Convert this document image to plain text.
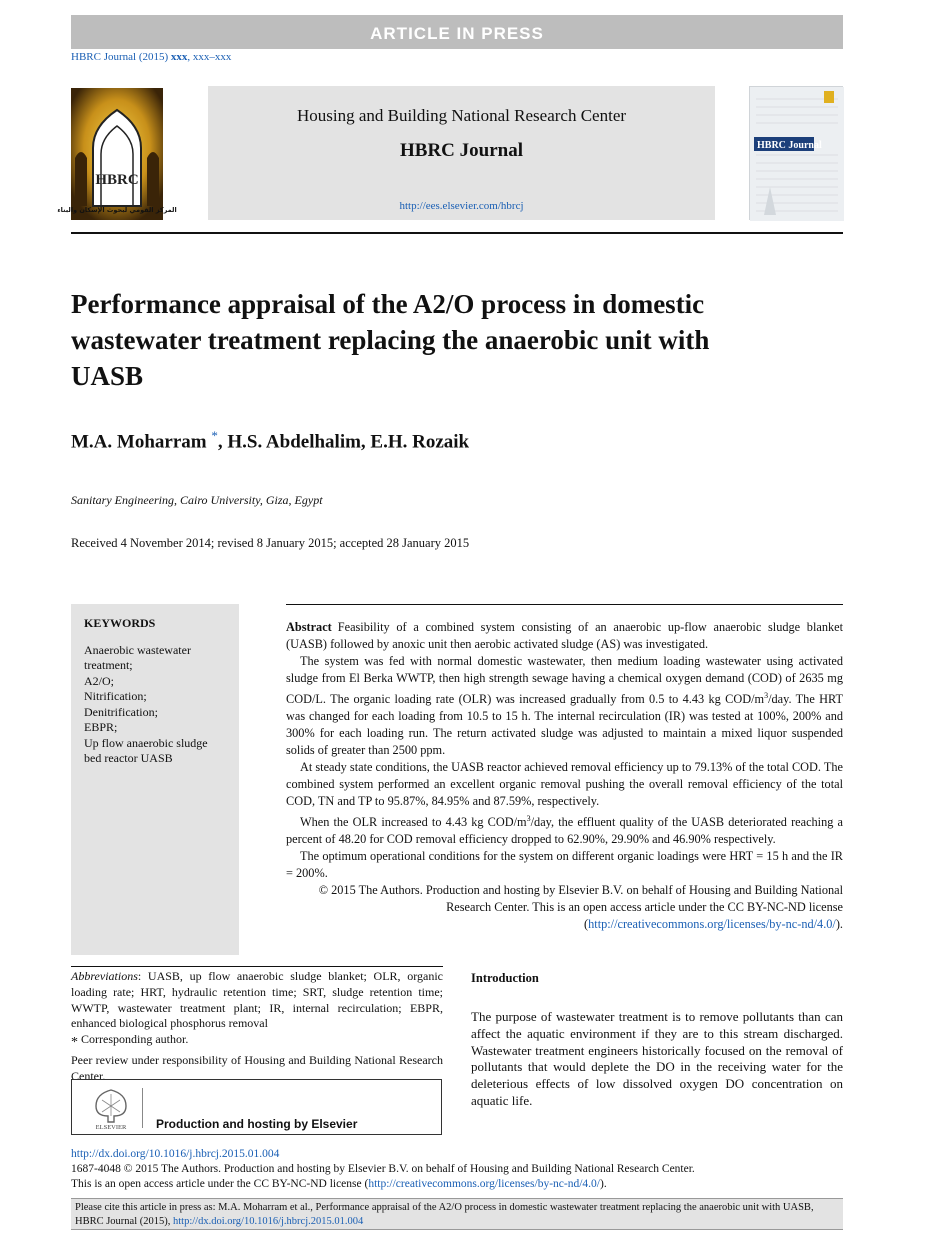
ARTICLE IN PRESS
HBRC Journal (2015) xxx, xxx–xxx
HBRC
المركز القومي لبحوث الإسكان والبناء
Housing and Building National Research Center
HBRC Journal
http://ees.elsevier.com/hbrcj
HBRC Journal
Performance appraisal of the A2/O process in domestic wastewater treatment replacing the anaerobic unit with UASB
M.A. Moharram *, H.S. Abdelhalim, E.H. Rozaik
Sanitary Engineering, Cairo University, Giza, Egypt
Received 4 November 2014; revised 8 January 2015; accepted 28 January 2015
KEYWORDS
Anaerobic wastewater treatment;
A2/O;
Nitrification;
Denitrification;
EBPR;
Up flow anaerobic sludge bed reactor UASB

Abstract Feasibility of a combined system consisting of an anaerobic up-flow anaerobic sludge blanket (UASB) followed by anoxic unit then aerobic activated sludge (AS) was investigated.

The system was fed with normal domestic wastewater, then medium loading wastewater using activated sludge from El Berka WWTP, then high strength sewage having a chemical oxygen demand (COD) of 2635 mg COD/L. The organic loading rate (OLR) was increased gradually from 0.5 to 4.43 kg COD/$m^3$/day. The HRT was changed for each loading from 10.5 to 15 h. The internal recirculation (IR) was tested at 100%, 200% and 300% for each loading run. The return activated sludge was adjusted to maintain a mixed liquor suspended solids of greater than 2500 ppm.

At steady state conditions, the UASB reactor achieved removal efficiency up to 79.13% of the total COD. The combined system performed an excellent organic removal pushing the overall removal efficiency of the total COD, TN and TP to 95.87%, 84.95% and 87.59%, respectively.

When the OLR increased to 4.43 kg COD/$m^3$/day, the effluent quality of the UASB deteriorated reaching a percent of 48.20 for COD removal efficiency dropped to 62.90%, 29.90% and 46.90% respectively.

The optimum operational conditions for the system on different organic loadings were HRT = 15 h and the IR = 200%.

© 2015 The Authors. Production and hosting by Elsevier B.V. on behalf of Housing and Building National Research Center. This is an open access article under the CC BY-NC-ND license (http://creativecommons.org/licenses/by-nc-nd/4.0/).

Abbreviations: UASB, up flow anaerobic sludge blanket; OLR, organic loading rate; HRT, hydraulic retention time; SRT, sludge retention time; WWTP, wastewater treatment plant; IR, internal recirculation; EBPR, enhanced biological phosphorus removal

* Corresponding author.

Peer review under responsibility of Housing and Building National Research Center.

ELSEVIER Production and hosting by Elsevier
Introduction
The purpose of wastewater treatment is to remove pollutants than can affect the aquatic environment if they are to this stream discharged. Wastewater treatment engineers historically focused on the removal of pollutants that would deplete the DO in the receiving water for the deleterious effects of low dissolved oxygen DO concentration on aquatic life.
http://dx.doi.org/10.1016/j.hbrcj.2015.01.004
1687-4048 © 2015 The Authors. Production and hosting by Elsevier B.V. on behalf of Housing and Building National Research Center.
This is an open access article under the CC BY-NC-ND license (http://creativecommons.org/licenses/by-nc-nd/4.0/).
Please cite this article in press as: M.A. Moharram et al., Performance appraisal of the A2/O process in domestic wastewater treatment replacing the anaerobic unit with UASB, HBRC Journal (2015), http://dx.doi.org/10.1016/j.hbrcj.2015.01.004
